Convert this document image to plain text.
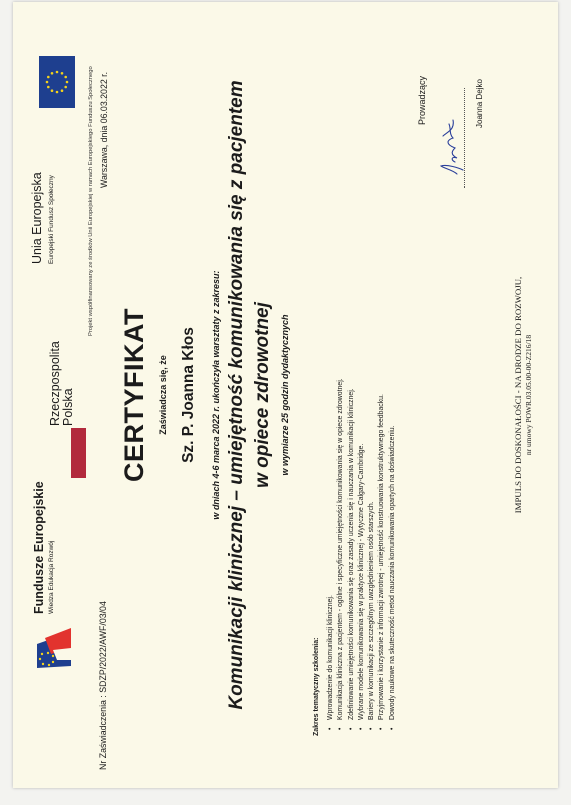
Fundusze Europejskie Wiedza Edukacja Rozwój
Rzeczpospolita Polska
Unia Europejska Europejski Fundusz Społeczny	Projekt współfinansowany ze środków Unii Europejskiej w ramach Europejskiego Funduszu Społecznego
Nr Zaświadczenia : SDZP/2022/AWF/03/04
Warszawa, dnia 06.03.2022 r.
CERTYFIKAT Zaświadcza się, że Sz. P. Joanna Kłos w dniach 4-6 marca 2022 r. ukończyła warsztaty z zakresu: Komunikacji klinicznej – umiejętność komunikowania się z pacjentem w opiece zdrowotnej w wymiarze 25 godzin dydaktycznych
Zakres tematyczny szkolenia: • Wprowadzenie do komunikacji klinicznej. • Komunikacja kliniczna z pacjentem - ogólne i specyficzne umiejętności komunikowania się w opiece zdrowotnej. • Zdefiniowanie umiejętności komunikowania się oraz zasady uczenia się i nauczania w komunikacji klinicznej. • Wybrane modele komunikowania się w praktyce klinicznej - Wytyczne Calgary-Cambridge. • Bariery w komunikacji ze szczególnym uwzględnieniem osób starszych. • Przyjmowanie i korzystanie z informacji zwrotnej - umiejętność konstruowania konstruktywnego feedbacku. • Dowody naukowe na skuteczność metod nauczania komunikowania opartych na doświadczeniu.
Prowadzący	Joanna Dejko
IMPULS DO DOSKONAŁOŚCI - NA DRODZE DO ROZWOJU, nr umowy POWR.03.05.00-00-Z216/18
